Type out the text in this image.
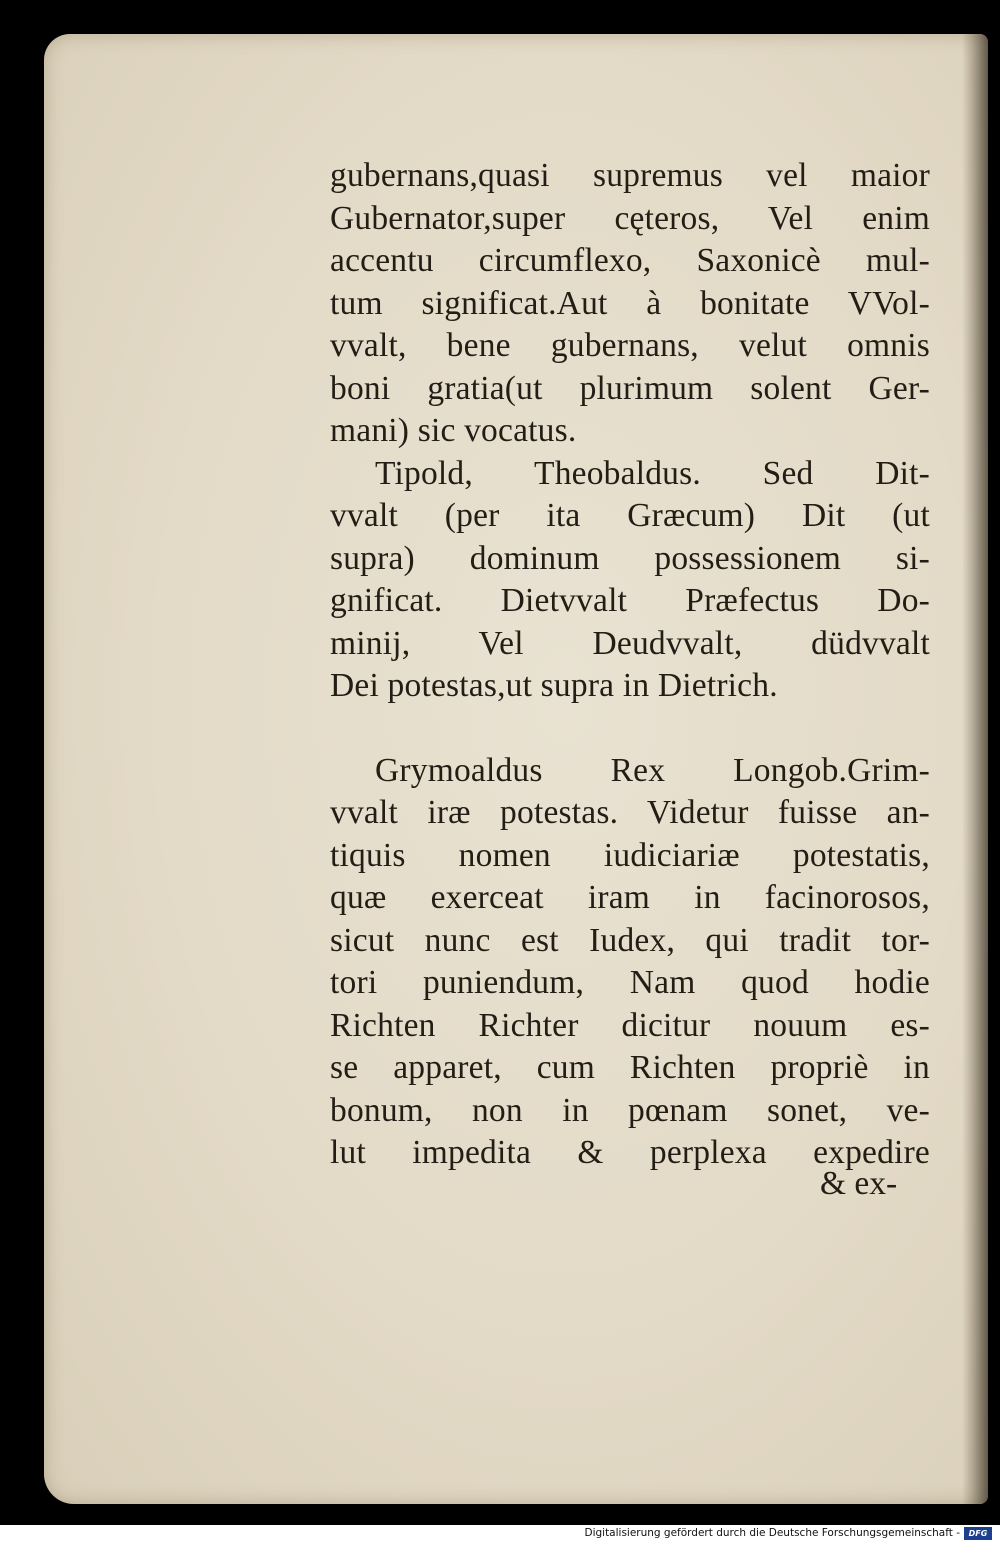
gubernans,quasi supremus vel maior
Gubernator,super cęteros, Vel enim
accentu circumflexo, Saxonicè mul-
tum significat.Aut à bonitate VVol-
vvalt, bene gubernans, velut omnis
boni gratia(ut plurimum solent Ger-
mani) sic vocatus.
Tipold, Theobaldus. Sed Dit-
vvalt (per ita Græcum) Dit (ut
supra) dominum possessionem si-
gnificat. Dietvvalt Præfectus Do-
minij, Vel Deudvvalt, düdvvalt
Dei potestas,ut supra in Dietrich.
Grymoaldus Rex Longob.Grim-
vvalt iræ potestas. Videtur fuisse an-
tiquis nomen iudiciariæ potestatis,
quæ exerceat iram in facinorosos,
sicut nunc est Iudex, qui tradit tor-
tori puniendum, Nam quod hodie
Richten Richter dicitur nouum es-
se apparet, cum Richten propriè in
bonum, non in pœnam sonet, ve-
lut impedita & perplexa expedire
& ex-
Digitalisierung gefördert durch die Deutsche Forschungsgemeinschaft -	DFG
